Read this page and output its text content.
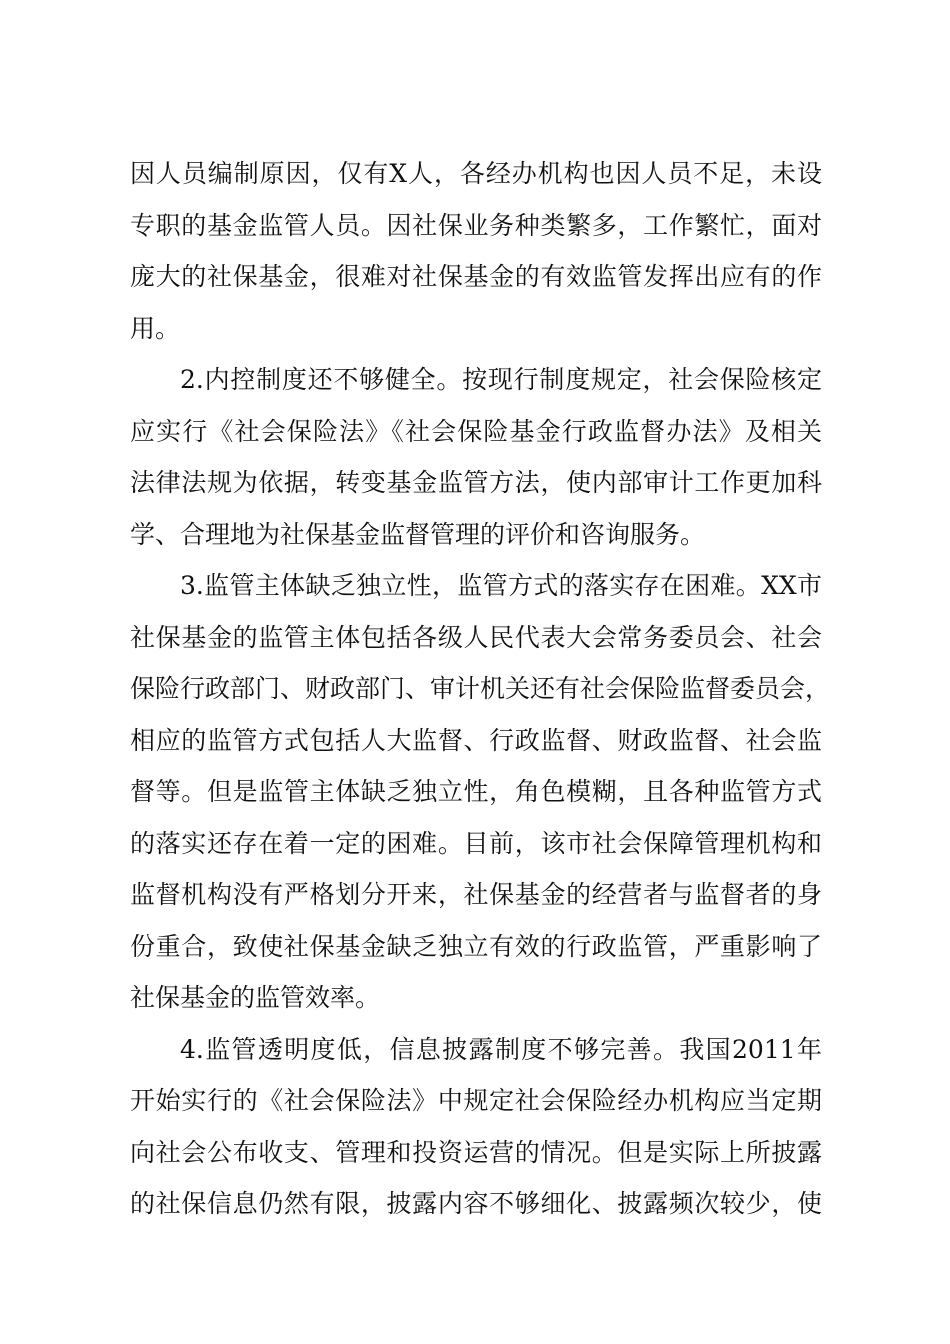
因人员编制原因，仅有X人，各经办机构也因人员不足，未设
专职的基金监管人员。因社保业务种类繁多，工作繁忙，面对
庞大的社保基金，很难对社保基金的有效监管发挥出应有的作
用。
2.内控制度还不够健全。按现行制度规定，社会保险核定
应实行《社会保险法》《社会保险基金行政监督办法》及相关
法律法规为依据，转变基金监管方法，使内部审计工作更加科
学、合理地为社保基金监督管理的评价和咨询服务。
3.监管主体缺乏独立性，监管方式的落实存在困难。XX市
社保基金的监管主体包括各级人民代表大会常务委员会、社会
保险行政部门、财政部门、审计机关还有社会保险监督委员会，
相应的监管方式包括人大监督、行政监督、财政监督、社会监
督等。但是监管主体缺乏独立性，角色模糊，且各种监管方式
的落实还存在着一定的困难。目前，该市社会保障管理机构和
监督机构没有严格划分开来，社保基金的经营者与监督者的身
份重合，致使社保基金缺乏独立有效的行政监管，严重影响了
社保基金的监管效率。
4.监管透明度低，信息披露制度不够完善。我国2011年
开始实行的《社会保险法》中规定社会保险经办机构应当定期
向社会公布收支、管理和投资运营的情况。但是实际上所披露
的社保信息仍然有限，披露内容不够细化、披露频次较少，使
